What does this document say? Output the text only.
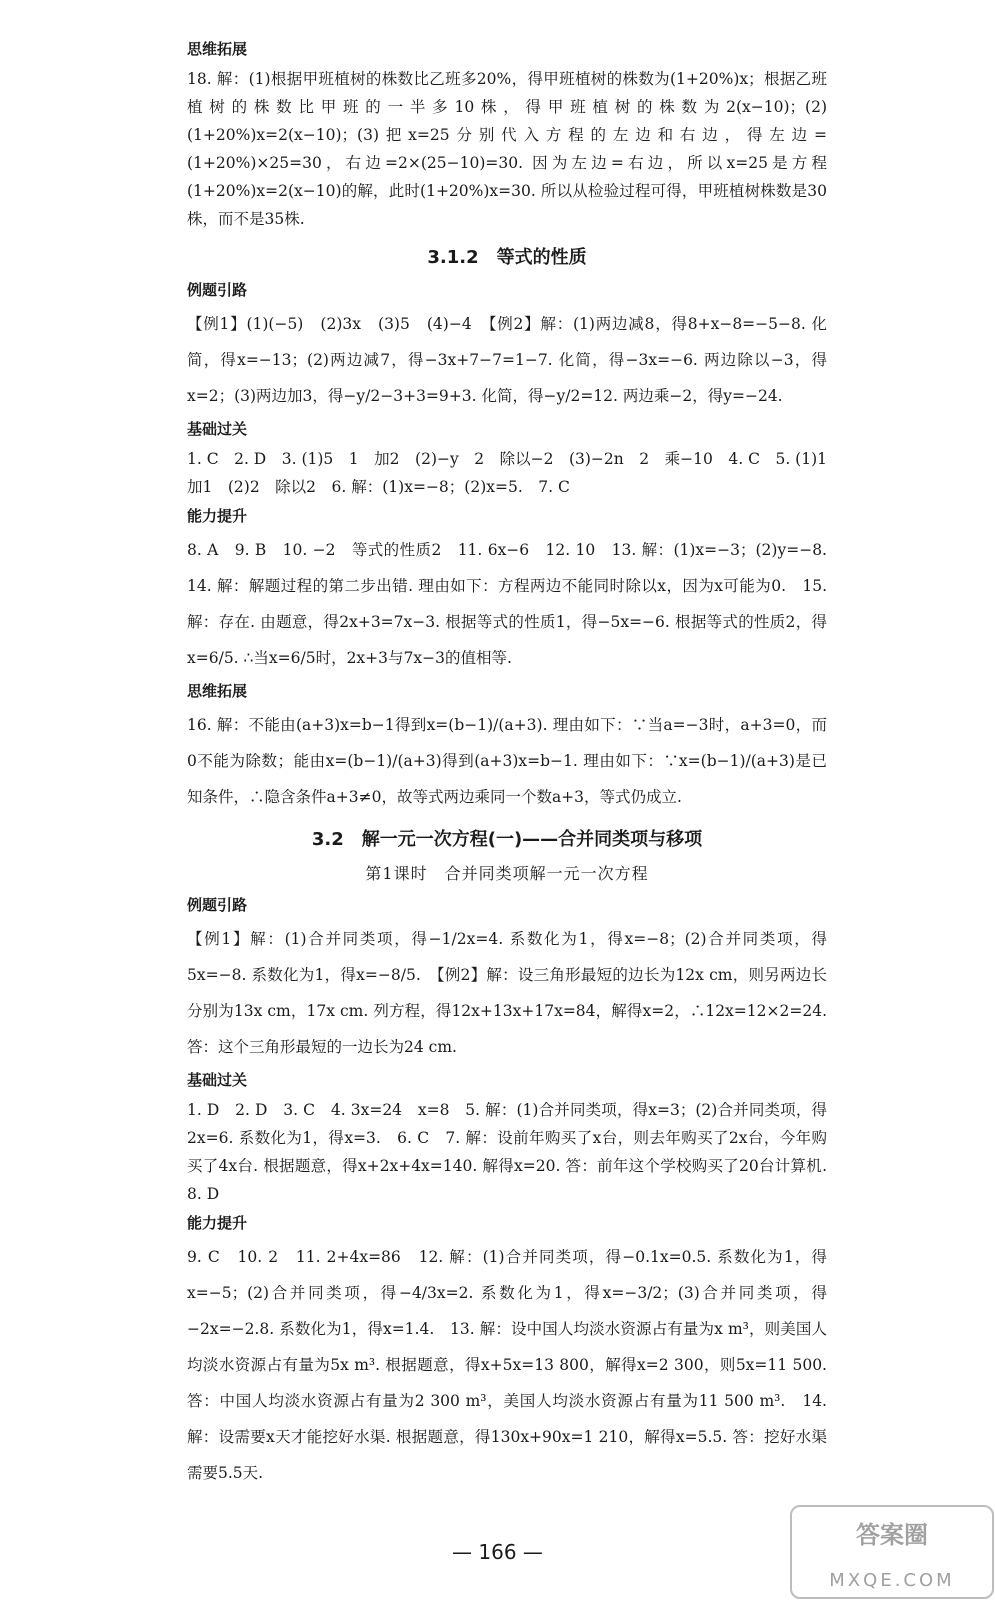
思维拓展

18. 解：(1)根据甲班植树的株数比乙班多20%，得甲班植树的株数为(1+20%)x；根据乙班植树的株数比甲班的一半多10株，得甲班植树的株数为2(x−10)；(2)(1+20%)x=2(x−10)；(3)把x=25分别代入方程的左边和右边，得左边=(1+20%)×25=30，右边=2×(25−10)=30. 因为左边=右边，所以x=25是方程(1+20%)x=2(x−10)的解，此时(1+20%)x=30. 所以从检验过程可得，甲班植树株数是30株，而不是35株.

3.1.2　等式的性质
例题引路

【例1】(1)(−5)　(2)3x　(3)5　(4)−4　【例2】解：(1)两边减8，得8+x−8=−5−8. 化简，得x=−13；(2)两边减7，得−3x+7−7=1−7. 化简，得−3x=−6. 两边除以−3，得x=2；(3)两边加3，得−y/2−3+3=9+3. 化简，得−y/2=12. 两边乘−2，得y=−24.

基础过关

1. C　2. D　3. (1)5　1　加2　(2)−y　2　除以−2　(3)−2n　2　乘−10　4. C　5. (1)1　加1　(2)2　除以2　6. 解：(1)x=−8；(2)x=5.　7. C

能力提升

8. A　9. B　10. −2　等式的性质2　11. 6x−6　12. 10　13. 解：(1)x=−3；(2)y=−8.　14. 解：解题过程的第二步出错. 理由如下：方程两边不能同时除以x，因为x可能为0.　15. 解：存在. 由题意，得2x+3=7x−3. 根据等式的性质1，得−5x=−6. 根据等式的性质2，得x=6/5. ∴当x=6/5时，2x+3与7x−3的值相等.

思维拓展

16. 解：不能由(a+3)x=b−1得到x=(b−1)/(a+3). 理由如下：∵当a=−3时，a+3=0，而0不能为除数；能由x=(b−1)/(a+3)得到(a+3)x=b−1. 理由如下：∵x=(b−1)/(a+3)是已知条件，∴隐含条件a+3≠0，故等式两边乘同一个数a+3，等式仍成立.

3.2　解一元一次方程(一)——合并同类项与移项
第1课时　合并同类项解一元一次方程
例题引路

【例1】解：(1)合并同类项，得−1/2x=4. 系数化为1，得x=−8；(2)合并同类项，得5x=−8. 系数化为1，得x=−8/5.　【例2】解：设三角形最短的边长为12x cm，则另两边长分别为13x cm，17x cm. 列方程，得12x+13x+17x=84，解得x=2，∴12x=12×2=24. 答：这个三角形最短的一边长为24 cm.

基础过关

1. D　2. D　3. C　4. 3x=24　x=8　5. 解：(1)合并同类项，得x=3；(2)合并同类项，得2x=6. 系数化为1，得x=3.　6. C　7. 解：设前年购买了x台，则去年购买了2x台，今年购买了4x台. 根据题意，得x+2x+4x=140. 解得x=20. 答：前年这个学校购买了20台计算机.　8. D

能力提升

9. C　10. 2　11. 2+4x=86　12. 解：(1)合并同类项，得−0.1x=0.5. 系数化为1，得x=−5；(2)合并同类项，得−4/3x=2. 系数化为1，得x=−3/2；(3)合并同类项，得−2x=−2.8. 系数化为1，得x=1.4.　13. 解：设中国人均淡水资源占有量为x m³，则美国人均淡水资源占有量为5x m³. 根据题意，得x+5x=13 800，解得x=2 300，则5x=11 500. 答：中国人均淡水资源占有量为2 300 m³，美国人均淡水资源占有量为11 500 m³.　14. 解：设需要x天才能挖好水渠. 根据题意，得130x+90x=1 210，解得x=5.5. 答：挖好水渠需要5.5天.

— 166 —
答案圈
MXQE.COM
